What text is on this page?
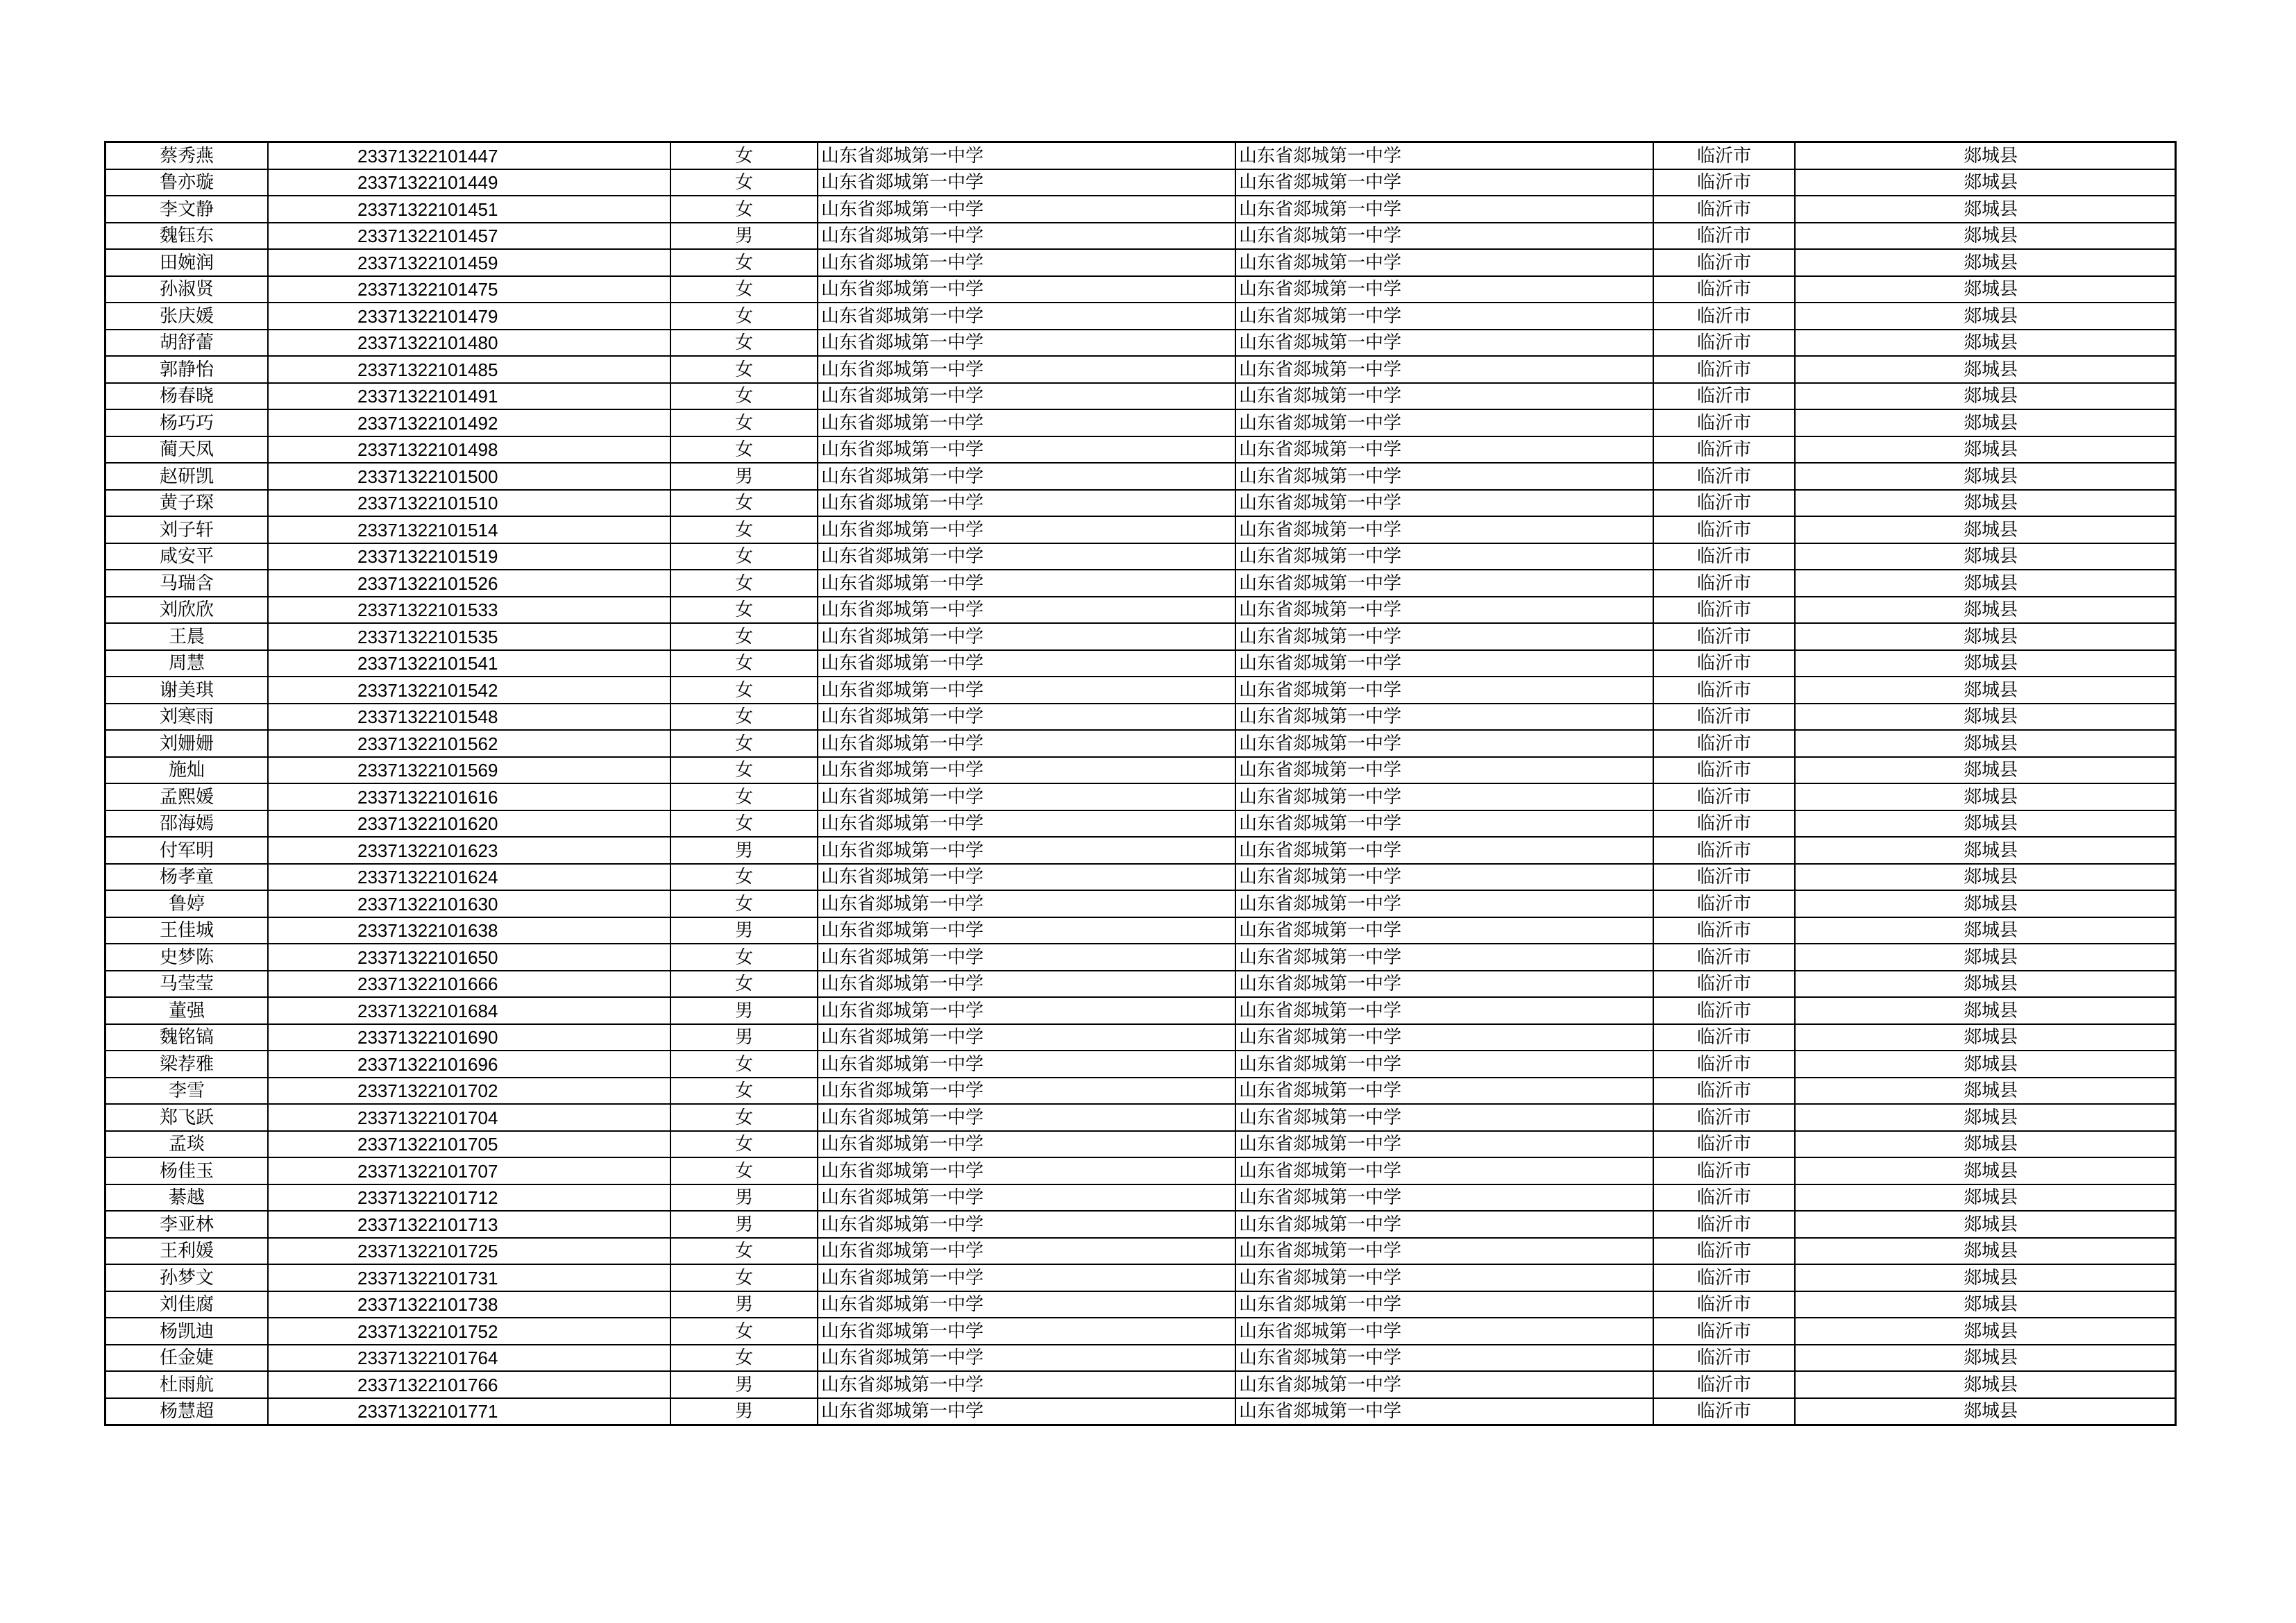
蔡秀燕	23371322101447	女	山东省郯城第一中学	山东省郯城第一中学	临沂市	郯城县
鲁亦璇	23371322101449	女	山东省郯城第一中学	山东省郯城第一中学	临沂市	郯城县
李文静	23371322101451	女	山东省郯城第一中学	山东省郯城第一中学	临沂市	郯城县
魏钰东	23371322101457	男	山东省郯城第一中学	山东省郯城第一中学	临沂市	郯城县
田婉润	23371322101459	女	山东省郯城第一中学	山东省郯城第一中学	临沂市	郯城县
孙淑贤	23371322101475	女	山东省郯城第一中学	山东省郯城第一中学	临沂市	郯城县
张庆媛	23371322101479	女	山东省郯城第一中学	山东省郯城第一中学	临沂市	郯城县
胡舒蕾	23371322101480	女	山东省郯城第一中学	山东省郯城第一中学	临沂市	郯城县
郭静怡	23371322101485	女	山东省郯城第一中学	山东省郯城第一中学	临沂市	郯城县
杨春晓	23371322101491	女	山东省郯城第一中学	山东省郯城第一中学	临沂市	郯城县
杨巧巧	23371322101492	女	山东省郯城第一中学	山东省郯城第一中学	临沂市	郯城县
蔺天凤	23371322101498	女	山东省郯城第一中学	山东省郯城第一中学	临沂市	郯城县
赵研凯	23371322101500	男	山东省郯城第一中学	山东省郯城第一中学	临沂市	郯城县
黄子琛	23371322101510	女	山东省郯城第一中学	山东省郯城第一中学	临沂市	郯城县
刘子轩	23371322101514	女	山东省郯城第一中学	山东省郯城第一中学	临沂市	郯城县
咸安平	23371322101519	女	山东省郯城第一中学	山东省郯城第一中学	临沂市	郯城县
马瑞含	23371322101526	女	山东省郯城第一中学	山东省郯城第一中学	临沂市	郯城县
刘欣欣	23371322101533	女	山东省郯城第一中学	山东省郯城第一中学	临沂市	郯城县
王晨	23371322101535	女	山东省郯城第一中学	山东省郯城第一中学	临沂市	郯城县
周慧	23371322101541	女	山东省郯城第一中学	山东省郯城第一中学	临沂市	郯城县
谢美琪	23371322101542	女	山东省郯城第一中学	山东省郯城第一中学	临沂市	郯城县
刘寒雨	23371322101548	女	山东省郯城第一中学	山东省郯城第一中学	临沂市	郯城县
刘姗姗	23371322101562	女	山东省郯城第一中学	山东省郯城第一中学	临沂市	郯城县
施灿	23371322101569	女	山东省郯城第一中学	山东省郯城第一中学	临沂市	郯城县
孟熙媛	23371322101616	女	山东省郯城第一中学	山东省郯城第一中学	临沂市	郯城县
邵海嫣	23371322101620	女	山东省郯城第一中学	山东省郯城第一中学	临沂市	郯城县
付军明	23371322101623	男	山东省郯城第一中学	山东省郯城第一中学	临沂市	郯城县
杨孝童	23371322101624	女	山东省郯城第一中学	山东省郯城第一中学	临沂市	郯城县
鲁婷	23371322101630	女	山东省郯城第一中学	山东省郯城第一中学	临沂市	郯城县
王佳城	23371322101638	男	山东省郯城第一中学	山东省郯城第一中学	临沂市	郯城县
史梦陈	23371322101650	女	山东省郯城第一中学	山东省郯城第一中学	临沂市	郯城县
马莹莹	23371322101666	女	山东省郯城第一中学	山东省郯城第一中学	临沂市	郯城县
董强	23371322101684	男	山东省郯城第一中学	山东省郯城第一中学	临沂市	郯城县
魏铭镐	23371322101690	男	山东省郯城第一中学	山东省郯城第一中学	临沂市	郯城县
梁荐雅	23371322101696	女	山东省郯城第一中学	山东省郯城第一中学	临沂市	郯城县
李雪	23371322101702	女	山东省郯城第一中学	山东省郯城第一中学	临沂市	郯城县
郑飞跃	23371322101704	女	山东省郯城第一中学	山东省郯城第一中学	临沂市	郯城县
孟琰	23371322101705	女	山东省郯城第一中学	山东省郯城第一中学	临沂市	郯城县
杨佳玉	23371322101707	女	山东省郯城第一中学	山东省郯城第一中学	临沂市	郯城县
綦越	23371322101712	男	山东省郯城第一中学	山东省郯城第一中学	临沂市	郯城县
李亚林	23371322101713	男	山东省郯城第一中学	山东省郯城第一中学	临沂市	郯城县
王利媛	23371322101725	女	山东省郯城第一中学	山东省郯城第一中学	临沂市	郯城县
孙梦文	23371322101731	女	山东省郯城第一中学	山东省郯城第一中学	临沂市	郯城县
刘佳腐	23371322101738	男	山东省郯城第一中学	山东省郯城第一中学	临沂市	郯城县
杨凯迪	23371322101752	女	山东省郯城第一中学	山东省郯城第一中学	临沂市	郯城县
任金婕	23371322101764	女	山东省郯城第一中学	山东省郯城第一中学	临沂市	郯城县
杜雨航	23371322101766	男	山东省郯城第一中学	山东省郯城第一中学	临沂市	郯城县
杨慧超	23371322101771	男	山东省郯城第一中学	山东省郯城第一中学	临沂市	郯城县
